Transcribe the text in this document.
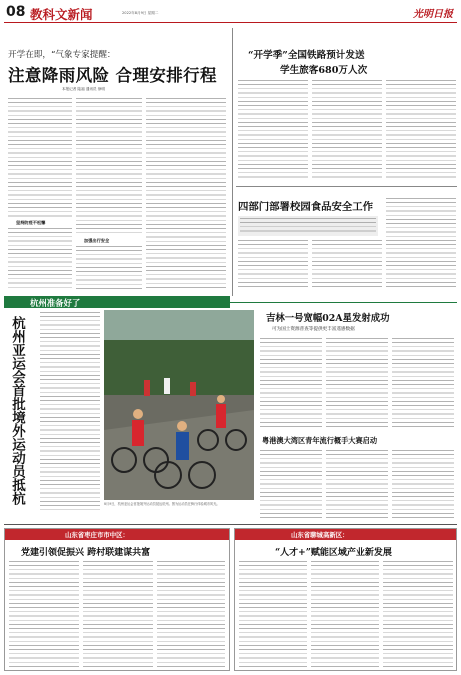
08 教科文新闻	2022年8月9日 星期二	光明日报
开学在即，“气象专家提醒：
注意降雨风险 合理安排行程
本报记者 陆福 通讯员 徐明
坚持防疫不松懈
加强出行安全
“开学季”全国铁路预计发送
学生旅客680万人次
四部门部署校园食品安全工作
杭州准备好了
杭州亚运会首批境外运动员抵杭	8月9日，杭州亚运会首批境外运动员抵达杭州。图为运动员在骑行体验城市风光。
吉林一号宽幅02A星发射成功
可为国土资源普查等提供更丰富遥感数据
粤港澳大湾区青年流行概手大赛启动
山东省枣庄市市中区：
党建引领促振兴 跨村联建谋共富
山东省聊城高新区：
“人才+”赋能区域产业新发展
